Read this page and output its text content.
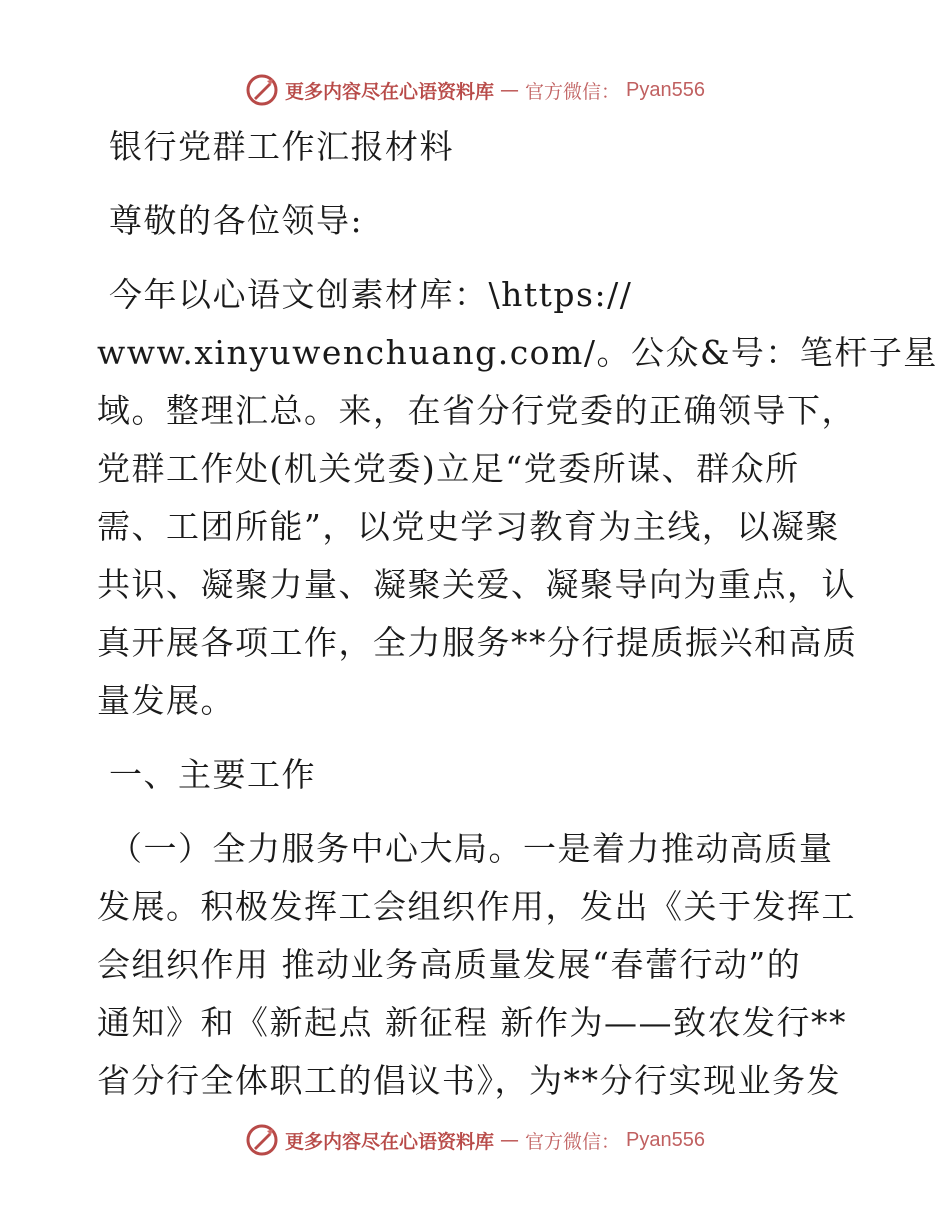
更多内容尽在心语资料库 — 官方微信： Pyan556
银行党群工作汇报材料
尊敬的各位领导:
今年以心语文创素材库：\https://
www.xinyuwenchuang.com/。公众&号：笔杆子星
域。整理汇总。来，在省分行党委的正确领导下，
党群工作处(机关党委)立足“党委所谋、群众所
需、工团所能”，以党史学习教育为主线，以凝聚
共识、凝聚力量、凝聚关爱、凝聚导向为重点，认
真开展各项工作，全力服务**分行提质振兴和高质
量发展。
一、主要工作
（一）全力服务中心大局。一是着力推动高质量
发展。积极发挥工会组织作用，发出《关于发挥工
会组织作用 推动业务高质量发展“春蕾行动”的
通知》和《新起点 新征程 新作为——致农发行**
省分行全体职工的倡议书》，为**分行实现业务发
更多内容尽在心语资料库 — 官方微信： Pyan556
